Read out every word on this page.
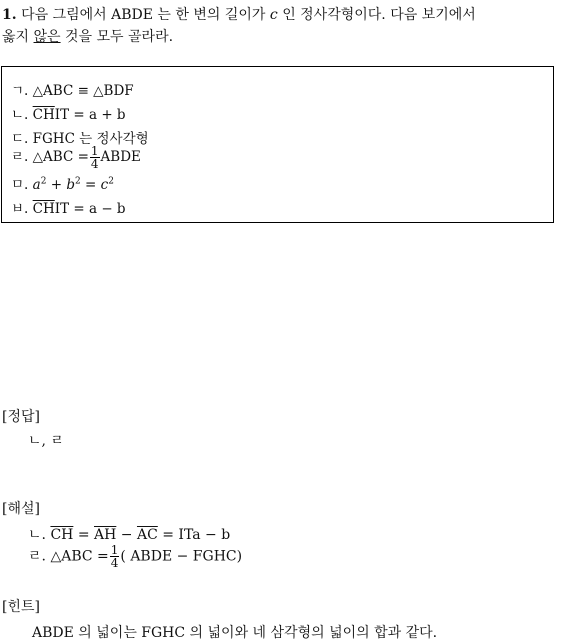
1. 다음 그림에서 ABDE 는 한 변의 길이가 c 인 정사각형이다. 다음 보기에서
옳지 않은 것을 모두 골라라.
ㄱ. △ABC ≡ △BDF
ㄴ. $\overline{CH}IT = a + b$
ㄷ. FGHC 는 정사각형
ㄹ. △ABC = $\frac{1}{4}$ ABDE
ㅁ. $a^2 + b^2 = c^2$
ㅂ. $\overline{CH}IT = a - b$
[정답]
ㄴ, ㄹ
[해설]
ㄴ. $\overline{CH} = \overline{AH} - \overline{AC}$ = ITa − b
ㄹ. △ABC = $\frac{1}{4}$ ( ABDE − FGHC)
[힌트]
ABDE 의 넓이는 FGHC 의 넓이와 네 삼각형의 넓이의 합과 같다.
